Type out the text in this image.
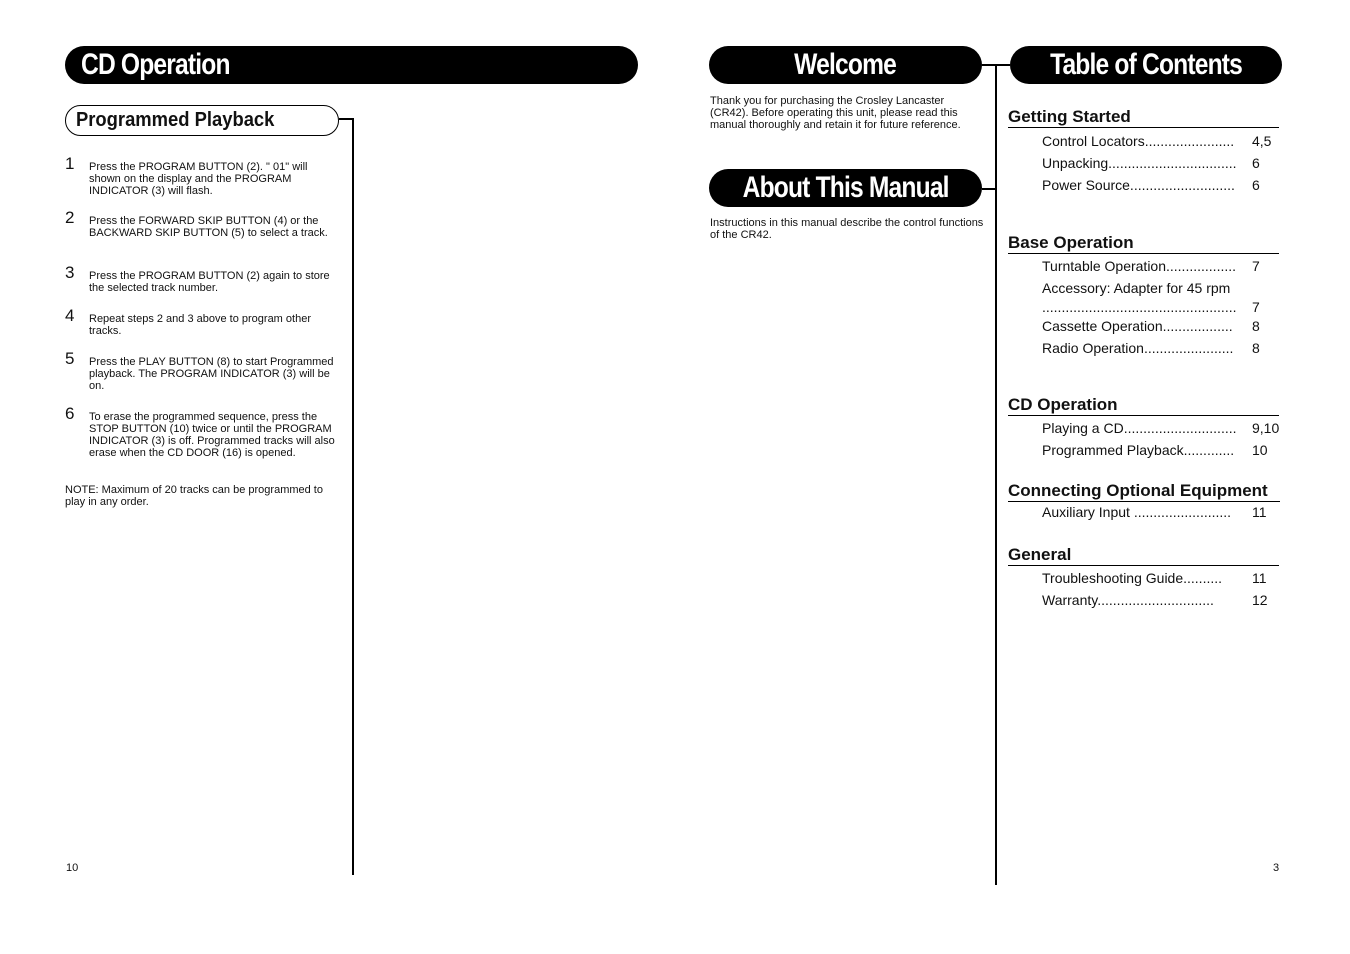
CD Operation
Programmed Playback
1 Press the PROGRAM BUTTON (2). " 01" will shown on the display and the PROGRAM INDICATOR (3) will flash.
2 Press the FORWARD SKIP BUTTON (4) or the BACKWARD SKIP BUTTON (5) to select a track.
3 Press the PROGRAM BUTTON (2) again to store the selected track number.
4 Repeat steps 2 and 3 above to program other tracks.
5 Press the PLAY BUTTON (8) to start Programmed playback. The PROGRAM INDICATOR (3) will be on.
6 To erase the programmed sequence, press the STOP BUTTON (10) twice or until the PROGRAM INDICATOR (3) is off. Programmed tracks will also erase when the CD DOOR (16) is opened.
NOTE: Maximum of 20 tracks can be programmed to play in any order.
10
Welcome
Thank you for purchasing the Crosley Lancaster (CR42). Before operating this unit, please read this manual thoroughly and retain it for future reference.
About This Manual
Instructions in this manual describe the control functions of the CR42.
Table of Contents
Getting Started
Control Locators....................... 4,5
Unpacking................................. 6
Power Source........................... 6
Base Operation
Turntable Operation.................. 7
Accessory: Adapter for 45 rpm
.................................................. 7
Cassette Operation.................. 8
Radio Operation....................... 8
CD Operation
Playing a CD............................. 9,10
Programmed Playback............. 10
Connecting Optional Equipment
Auxiliary Input ......................... 11
General
Troubleshooting Guide.......... 11
Warranty..............................	12
3
